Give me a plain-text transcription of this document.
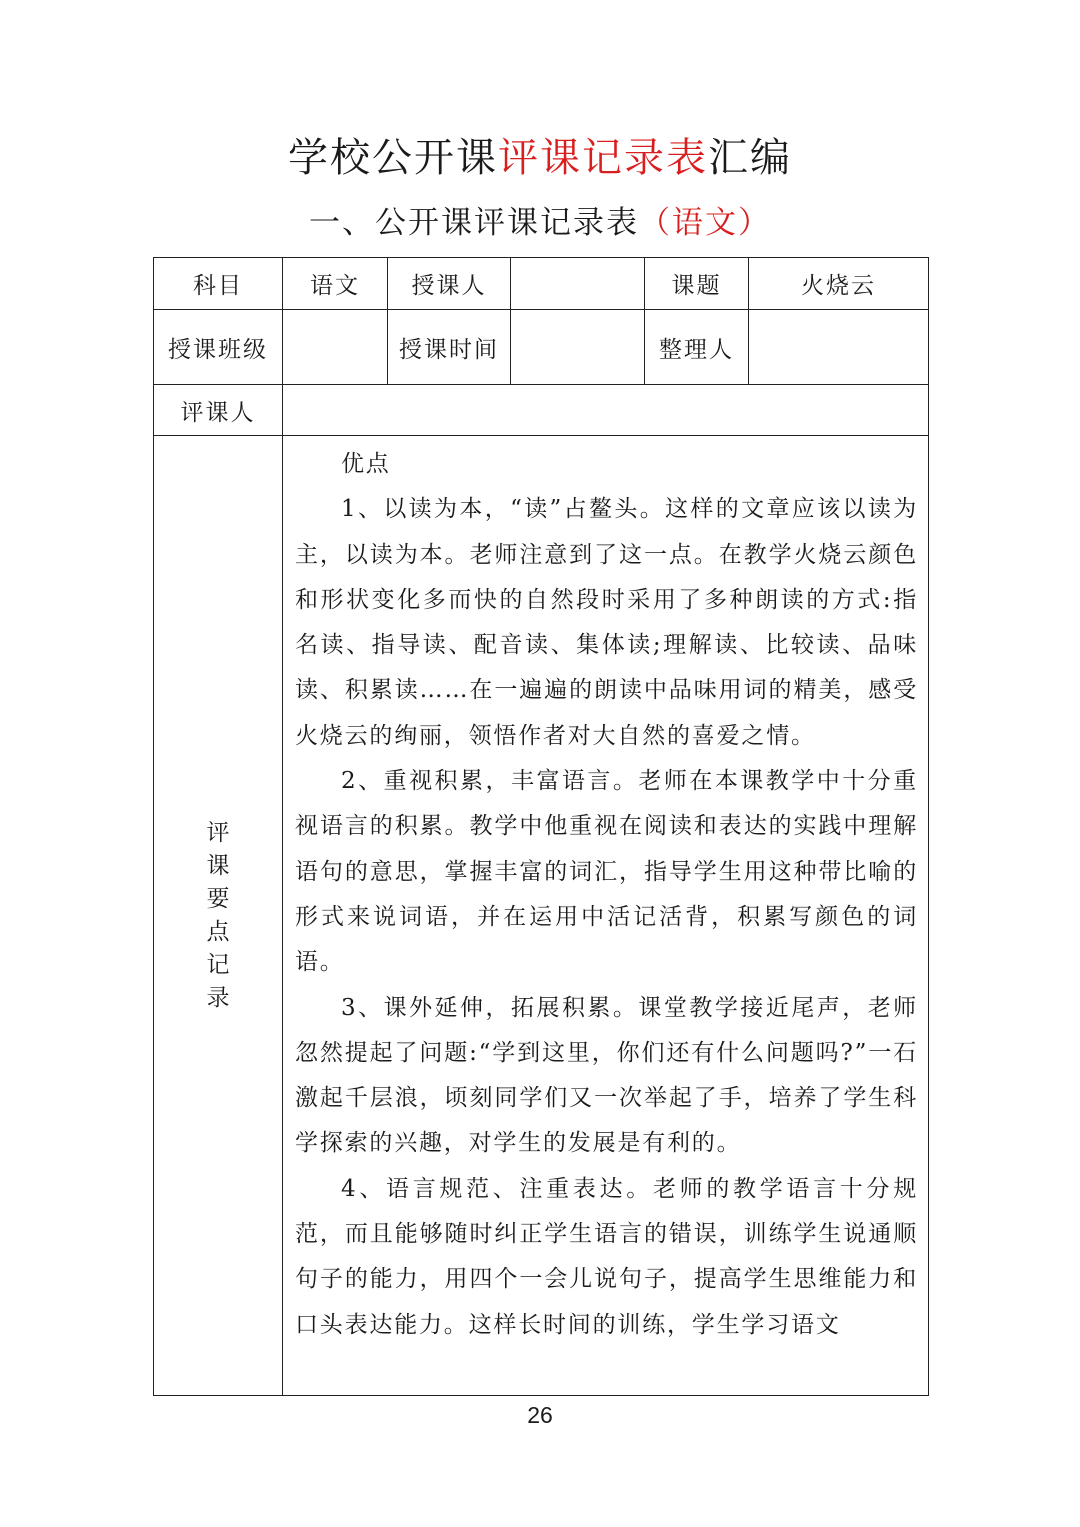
学校公开课评课记录表汇编
一、公开课评课记录表（语文）
科目	语文	授课人		课题	火烧云
授课班级		授课时间		整理人	
评课人					
评课要点记录	优点

1、以读为本，“读”占鳌头。这样的文章应该以读为主，以读为本。老师注意到了这一点。在教学火烧云颜色和形状变化多而快的自然段时采用了多种朗读的方式:指名读、指导读、配音读、集体读;理解读、比较读、品味读、积累读……在一遍遍的朗读中品味用词的精美，感受火烧云的绚丽，领悟作者对大自然的喜爱之情。

2、重视积累，丰富语言。老师在本课教学中十分重视语言的积累。教学中他重视在阅读和表达的实践中理解语句的意思，掌握丰富的词汇，指导学生用这种带比喻的形式来说词语，并在运用中活记活背，积累写颜色的词语。

3、课外延伸，拓展积累。课堂教学接近尾声，老师忽然提起了问题:“学到这里，你们还有什么问题吗?”一石激起千层浪，顷刻同学们又一次举起了手，培养了学生科学探索的兴趣，对学生的发展是有利的。

4、语言规范、注重表达。老师的教学语言十分规范，而且能够随时纠正学生语言的错误，训练学生说通顺句子的能力，用四个一会儿说句子，提高学生思维能力和口头表达能力。这样长时间的训练，学生学习语文				

26
